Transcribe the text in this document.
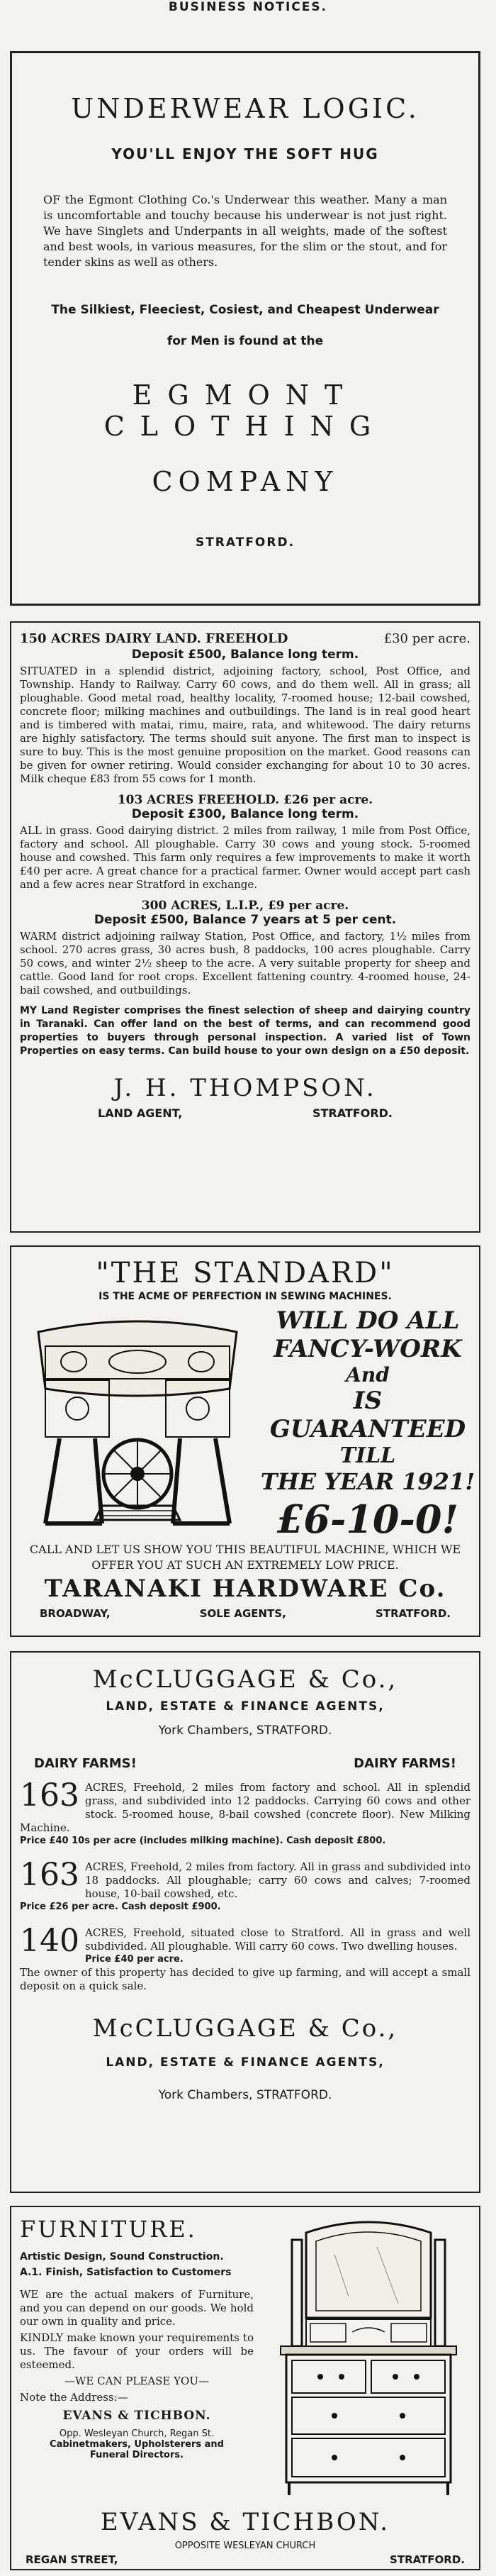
BUSINESS NOTICES.
UNDERWEAR LOGIC.
YOU'LL ENJOY THE SOFT HUG

OF the Egmont Clothing Co.'s Underwear this weather. Many a man is uncomfortable and touchy because his underwear is not just right. We have Singlets and Underpants in all weights, made of the softest and best wools, in various measures, for the slim or the stout, and for tender skins as well as others.

The Silkiest, Fleeciest, Cosiest, and Cheapest Underwear
for Men is found at the
EGMONT CLOTHING
COMPANY
STRATFORD.
150 ACRES DAIRY LAND. FREEHOLD	£30 per acre.
Deposit £500, Balance long term.

SITUATED in a splendid district, adjoining factory, school, Post Office, and Township. Handy to Railway. Carry 60 cows, and do them well. All in grass; all ploughable. Good metal road, healthy locality, 7-roomed house; 12-bail cowshed, concrete floor; milking machines and outbuildings. The land is in real good heart and is timbered with matai, rimu, maire, rata, and whitewood. The dairy returns are highly satisfactory. The terms should suit anyone. The first man to inspect is sure to buy. This is the most genuine proposition on the market. Good reasons can be given for owner retiring. Would consider exchanging for about 10 to 30 acres. Milk cheque £83 from 55 cows for 1 month.

103 ACRES FREEHOLD. £26 per acre.
Deposit £300, Balance long term.

ALL in grass. Good dairying district. 2 miles from railway, 1 mile from Post Office, factory and school. All ploughable. Carry 30 cows and young stock. 5-roomed house and cowshed. This farm only requires a few improvements to make it worth £40 per acre. A great chance for a practical farmer. Owner would accept part cash and a few acres near Stratford in exchange.

300 ACRES, L.I.P., £9 per acre.
Deposit £500, Balance 7 years at 5 per cent.

WARM district adjoining railway Station, Post Office, and factory, 1½ miles from school. 270 acres grass, 30 acres bush, 8 paddocks, 100 acres ploughable. Carry 50 cows, and winter 2½ sheep to the acre. A very suitable property for sheep and cattle. Good land for root crops. Excellent fattening country. 4-roomed house, 24-bail cowshed, and outbuildings.

MY Land Register comprises the finest selection of sheep and dairying country in Taranaki. Can offer land on the best of terms, and can recommend good properties to buyers through personal inspection. A varied list of Town Properties on easy terms. Can build house to your own design on a £50 deposit.

J. H. THOMPSON.
LAND AGENT,	STRATFORD.
"THE STANDARD"
IS THE ACME OF PERFECTION IN SEWING MACHINES.
WILL DO ALL
FANCY-WORK
And
IS GUARANTEED
TILL
THE YEAR 1921!
£6-10-0!

CALL AND LET US SHOW YOU THIS BEAUTIFUL MACHINE, WHICH WE OFFER YOU AT SUCH AN EXTREMELY LOW PRICE.

TARANAKI HARDWARE Co.
BROADWAY,	SOLE AGENTS,	STRATFORD.
McCLUGGAGE & Co.,
LAND, ESTATE & FINANCE AGENTS,
York Chambers, STRATFORD.
DAIRY FARMS!	DAIRY FARMS!
163 ACRES, Freehold, 2 miles from factory and school. All in splendid grass, and subdivided into 12 paddocks. Carrying 60 cows and other stock. 5-roomed house, 8-bail cowshed (concrete floor). New Milking Machine.

Price £40 10s per acre (includes milking machine). Cash deposit £800.

163 ACRES, Freehold, 2 miles from factory. All in grass and subdivided into 18 paddocks. All ploughable; carry 60 cows and calves; 7-roomed house, 10-bail cowshed, etc.

Price £26 per acre. Cash deposit £900.

140 ACRES, Freehold, situated close to Stratford. All in grass and well subdivided. All ploughable. Will carry 60 cows. Two dwelling houses.

Price £40 per acre.

The owner of this property has decided to give up farming, and will accept a small deposit on a quick sale.

McCLUGGAGE & Co.,
LAND, ESTATE & FINANCE AGENTS,
York Chambers, STRATFORD.
FURNITURE.
Artistic Design, Sound Construction.
A.1. Finish, Satisfaction to Customers

WE are the actual makers of Furniture, and you can depend on our goods. We hold our own in quality and price.

KINDLY make known your requirements to us. The favour of your orders will be esteemed.

—WE CAN PLEASE YOU—

Note the Address:—

EVANS & TICHBON.

Opp. Wesleyan Church, Regan St.

Cabinetmakers, Upholsterers and

Funeral Directors.

EVANS & TICHBON.
OPPOSITE WESLEYAN CHURCH
REGAN STREET,	STRATFORD.
